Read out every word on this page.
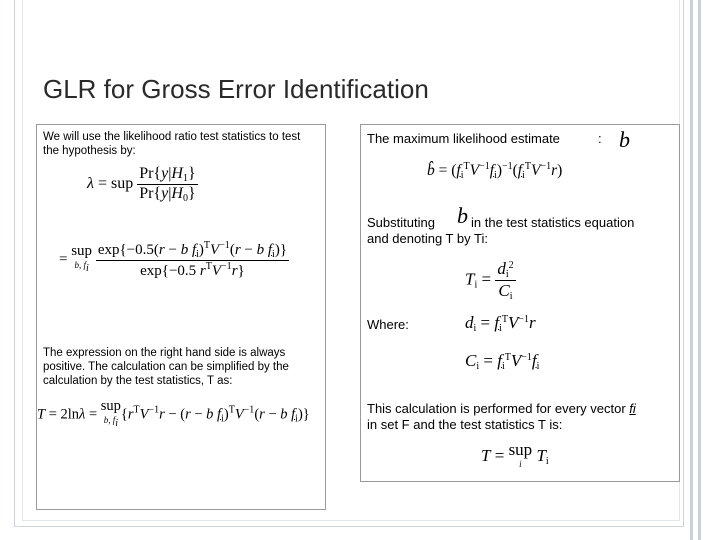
GLR for Gross Error Identification
We will use the likelihood ratio test statistics to test
the hypothesis by:
λ = sup $\frac{Pr\{y|H_1\}}{Pr\{y|H_0\}}$
= sup
b, fi
$\frac{\exp\{-0.5(r - b f_i)^TV^{-1}(r - b f_i)\}}{\exp\{-0.5 r^TV^{-1}r\}}$
The expression on the right hand side is always
positive. The calculation can be simplified by the
calculation by the test statistics, T as:
T = 2lnλ = sup
b, fi
{$r^TV^{-1}r - (r - b$ $f_i)^TV^{-1}(r - b$ $f_i$)}
The maximum likelihood estimate	: b
b̂ = $(f_i^TV^{-1}f_i)^{-1}(f_i^TV^{-1}r)$
Substituting b in the test statistics equation
and denoting T by Ti:
$T_i = \frac{d_i^2}{C_i}$
Where:	$d_i = f_i^TV^{-1}r$
$C_i = f_i^TV^{-1}f_i$
This calculation is performed for every vector fi
in set F and the test statistics T is:
T = sup
i $T_i$
